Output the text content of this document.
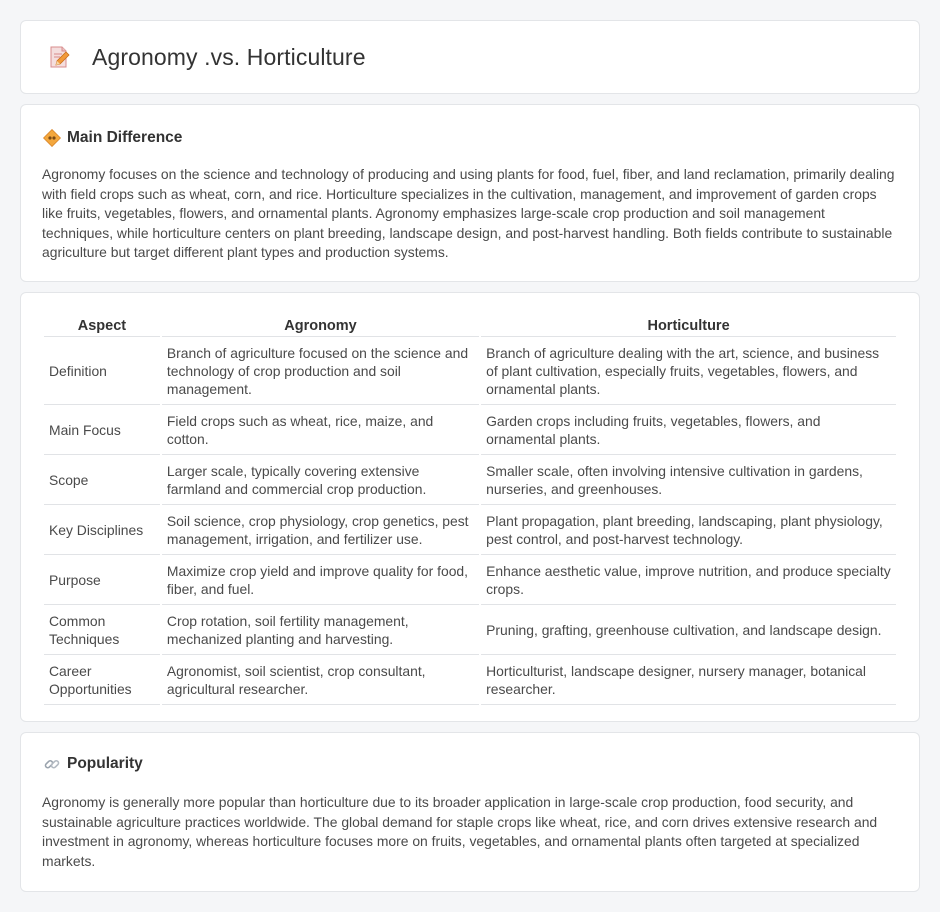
Agronomy .vs. Horticulture
Main Difference

Agronomy focuses on the science and technology of producing and using plants for food, fuel, fiber, and land reclamation, primarily dealing with field crops such as wheat, corn, and rice. Horticulture specializes in the cultivation, management, and improvement of garden crops like fruits, vegetables, flowers, and ornamental plants. Agronomy emphasizes large-scale crop production and soil management techniques, while horticulture centers on plant breeding, landscape design, and post-harvest handling. Both fields contribute to sustainable agriculture but target different plant types and production systems.

Aspect	Agronomy	Horticulture
Definition	Branch of agriculture focused on the science and technology of crop production and soil management.	Branch of agriculture dealing with the art, science, and business of plant cultivation, especially fruits, vegetables, flowers, and ornamental plants.
Main Focus	Field crops such as wheat, rice, maize, and cotton.	Garden crops including fruits, vegetables, flowers, and ornamental plants.
Scope	Larger scale, typically covering extensive farmland and commercial crop production.	Smaller scale, often involving intensive cultivation in gardens, nurseries, and greenhouses.
Key Disciplines	Soil science, crop physiology, crop genetics, pest management, irrigation, and fertilizer use.	Plant propagation, plant breeding, landscaping, plant physiology, pest control, and post-harvest technology.
Purpose	Maximize crop yield and improve quality for food, fiber, and fuel.	Enhance aesthetic value, improve nutrition, and produce specialty crops.
Common Techniques	Crop rotation, soil fertility management, mechanized planting and harvesting.	Pruning, grafting, greenhouse cultivation, and landscape design.
Career Opportunities	Agronomist, soil scientist, crop consultant, agricultural researcher.	Horticulturist, landscape designer, nursery manager, botanical researcher.
Popularity

Agronomy is generally more popular than horticulture due to its broader application in large-scale crop production, food security, and sustainable agriculture practices worldwide. The global demand for staple crops like wheat, rice, and corn drives extensive research and investment in agronomy, whereas horticulture focuses more on fruits, vegetables, and ornamental plants often targeted at specialized markets.
